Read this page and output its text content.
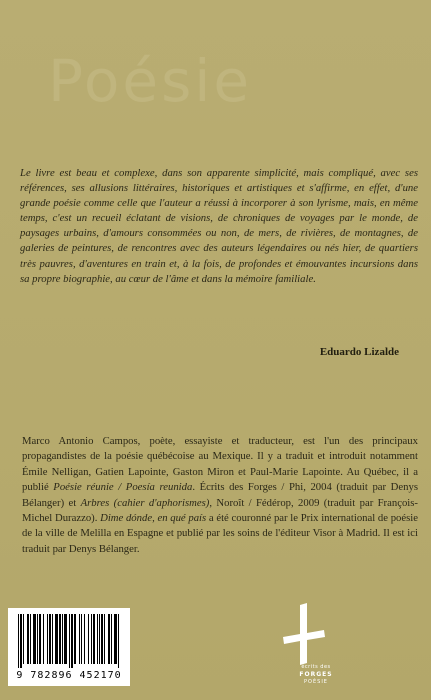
Poésie

Le livre est beau et complexe, dans son apparente simplicité, mais compliqué, avec ses références, ses allusions littéraires, historiques et artistiques et s'affirme, en effet, d'une grande poésie comme celle que l'auteur a réussi à incorporer à son lyrisme, mais, en même temps, c'est un recueil éclatant de visions, de chroniques de voyages par le monde, de paysages urbains, d'amours consommées ou non, de mers, de rivières, de montagnes, de galeries de peintures, de rencontres avec des auteurs légendaires ou nés hier, de quartiers très pauvres, d'aventures en train et, à la fois, de profondes et émouvantes incursions dans sa propre biographie, au cœur de l'âme et dans la mémoire familiale.

Eduardo Lizalde

Marco Antonio Campos, poète, essayiste et traducteur, est l'un des principaux propagandistes de la poésie québécoise au Mexique. Il y a traduit et introduit notamment Émile Nelligan, Gatien Lapointe, Gaston Miron et Paul-Marie Lapointe. Au Québec, il a publié Poésie réunie / Poesía reunida. Écrits des Forges / Phi, 2004 (traduit par Denys Bélanger) et Arbres (cahier d'aphorismes), Noroît / Fédérop, 2009 (traduit par François-Michel Durazzo). Dime dónde, en qué país a été couronné par le Prix international de poésie de la ville de Melilla en Espagne et publié par les soins de l'éditeur Visor à Madrid. Il est ici traduit par Denys Bélanger.

9 782896 452170

écrits des

FORGES

POÉSIE
